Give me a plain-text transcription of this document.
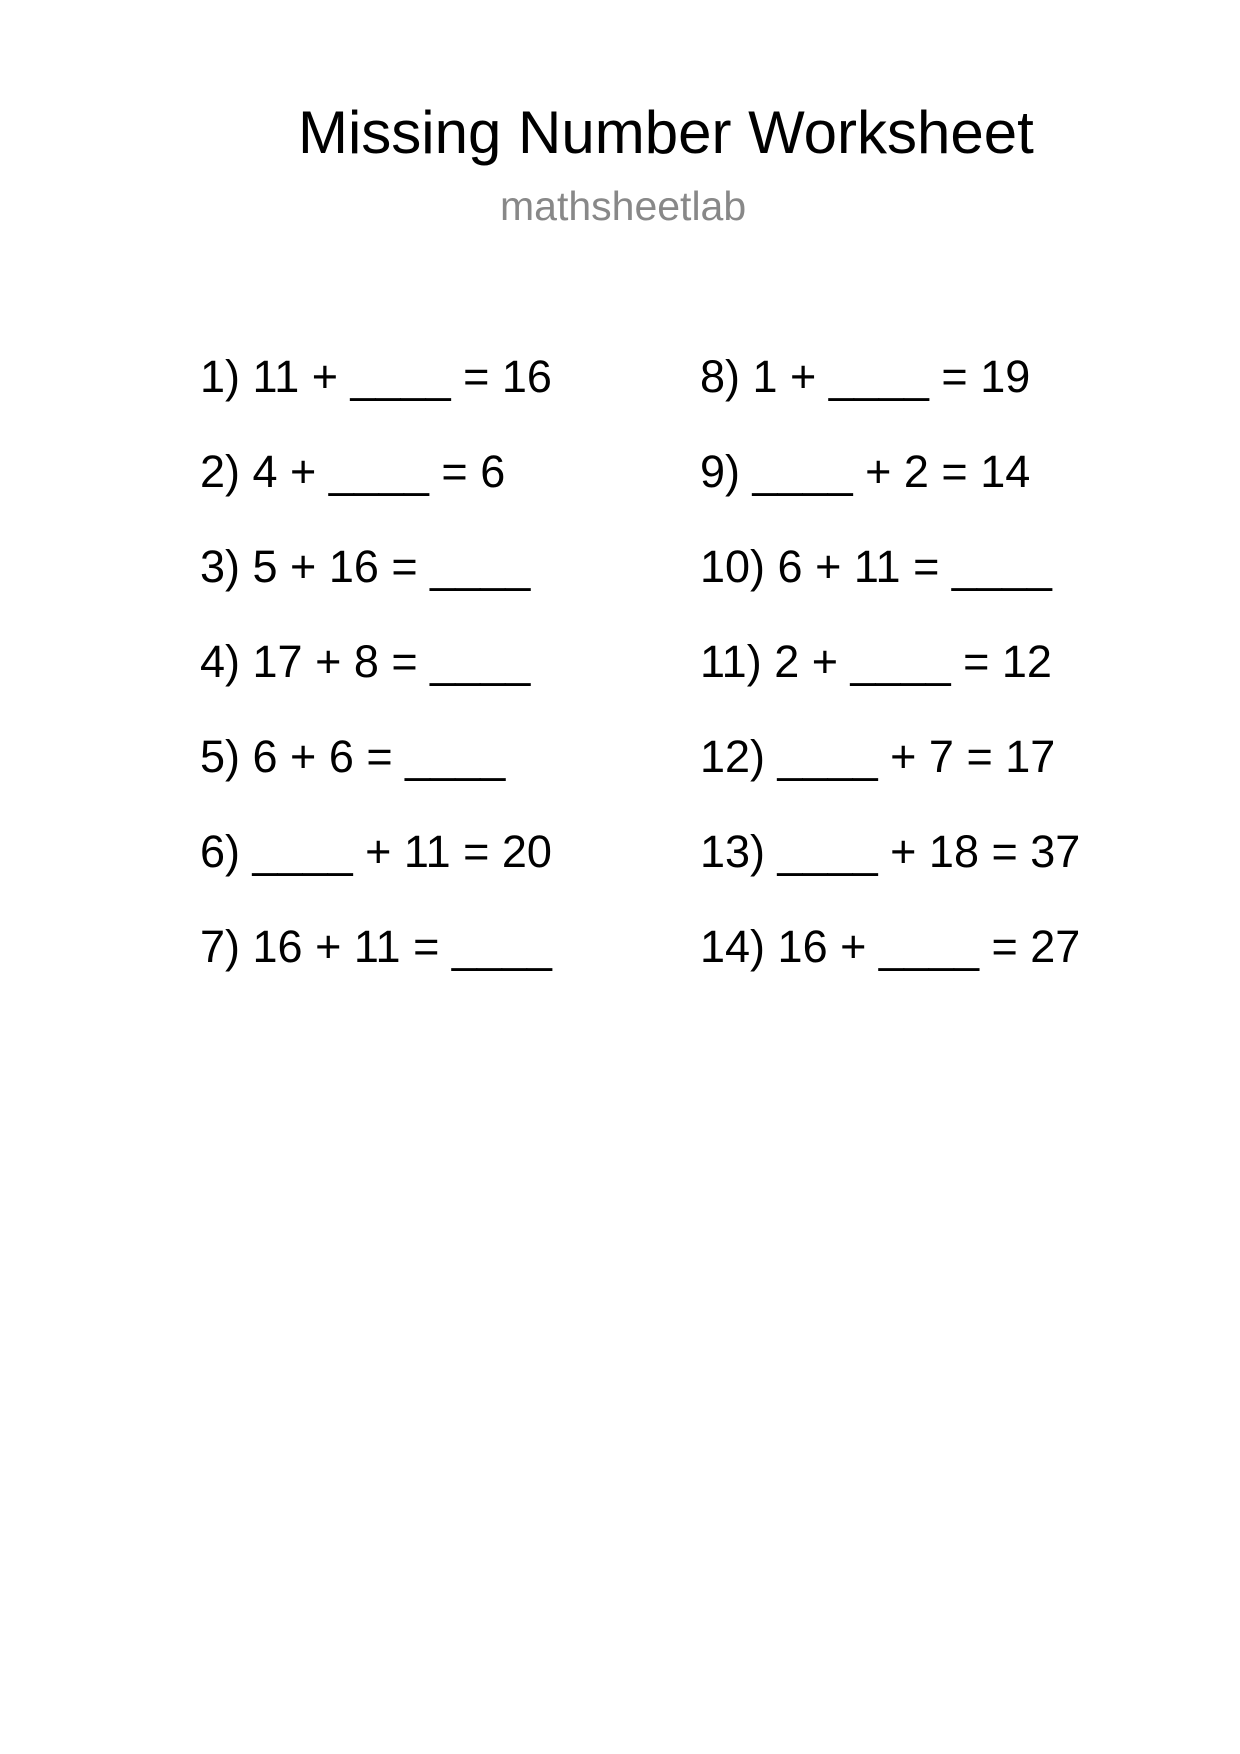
Missing Number Worksheet
mathsheetlab
1) 11 + ____ = 16
2) 4 + ____ = 6
3) 5 + 16 = ____
4) 17 + 8 = ____
5) 6 + 6 = ____
6) ____ + 11 = 20
7) 16 + 11 = ____
8) 1 + ____ = 19
9) ____ + 2 = 14
10) 6 + 11 = ____
11) 2 + ____ = 12
12) ____ + 7 = 17
13) ____ + 18 = 37
14) 16 + ____ = 27
